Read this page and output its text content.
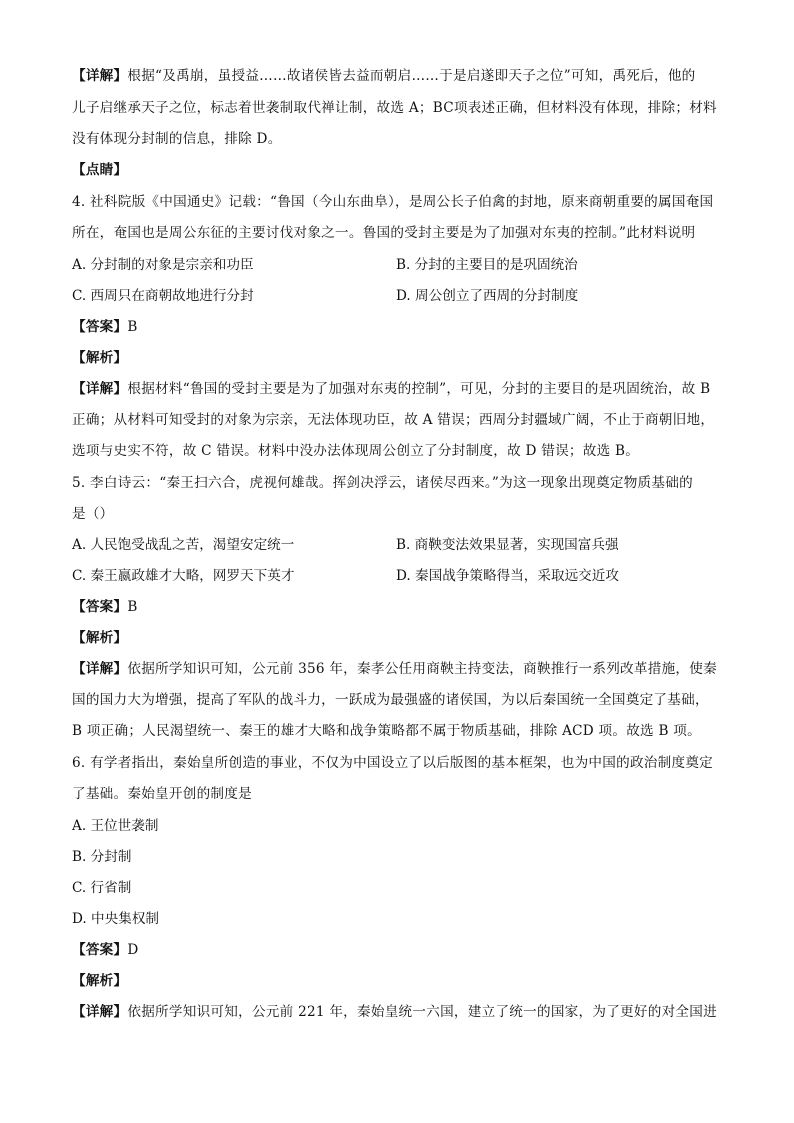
【详解】根据“及禹崩，虽授益……故诸侯皆去益而朝启……于是启遂即天子之位”可知，禹死后，他的
儿子启继承天子之位，标志着世袭制取代禅让制，故选 A；BC项表述正确，但材料没有体现，排除；材料
没有体现分封制的信息，排除 D。
【点睛】
4. 社科院版《中国通史》记载：“鲁国（今山东曲阜），是周公长子伯禽的封地，原来商朝重要的属国奄国
所在，奄国也是周公东征的主要讨伐对象之一。鲁国的受封主要是为了加强对东夷的控制。”此材料说明
A. 分封制的对象是宗亲和功臣	B. 分封的主要目的是巩固统治
C. 西周只在商朝故地进行分封	D. 周公创立了西周的分封制度
【答案】B
【解析】
【详解】根据材料“鲁国的受封主要是为了加强对东夷的控制”，可见，分封的主要目的是巩固统治，故 B
正确；从材料可知受封的对象为宗亲，无法体现功臣，故 A 错误；西周分封疆域广阔，不止于商朝旧地，
选项与史实不符，故 C 错误。材料中没办法体现周公创立了分封制度，故 D 错误；故选 B。
5. 李白诗云：“秦王扫六合，虎视何雄哉。挥剑决浮云，诸侯尽西来。”为这一现象出现奠定物质基础的
是（）
A. 人民饱受战乱之苦，渴望安定统一	B. 商鞅变法效果显著，实现国富兵强
C. 秦王嬴政雄才大略，网罗天下英才	D. 秦国战争策略得当，采取远交近攻
【答案】B
【解析】
【详解】依据所学知识可知，公元前 356 年，秦孝公任用商鞅主持变法，商鞅推行一系列改革措施，使秦
国的国力大为增强，提高了军队的战斗力，一跃成为最强盛的诸侯国，为以后秦国统一全国奠定了基础，
B 项正确；人民渴望统一、秦王的雄才大略和战争策略都不属于物质基础，排除 ACD 项。故选 B 项。
6. 有学者指出，秦始皇所创造的事业，不仅为中国设立了以后版图的基本框架，也为中国的政治制度奠定
了基础。秦始皇开创的制度是
A. 王位世袭制
B. 分封制
C. 行省制
D. 中央集权制
【答案】D
【解析】
【详解】依据所学知识可知，公元前 221 年，秦始皇统一六国，建立了统一的国家，为了更好的对全国进
